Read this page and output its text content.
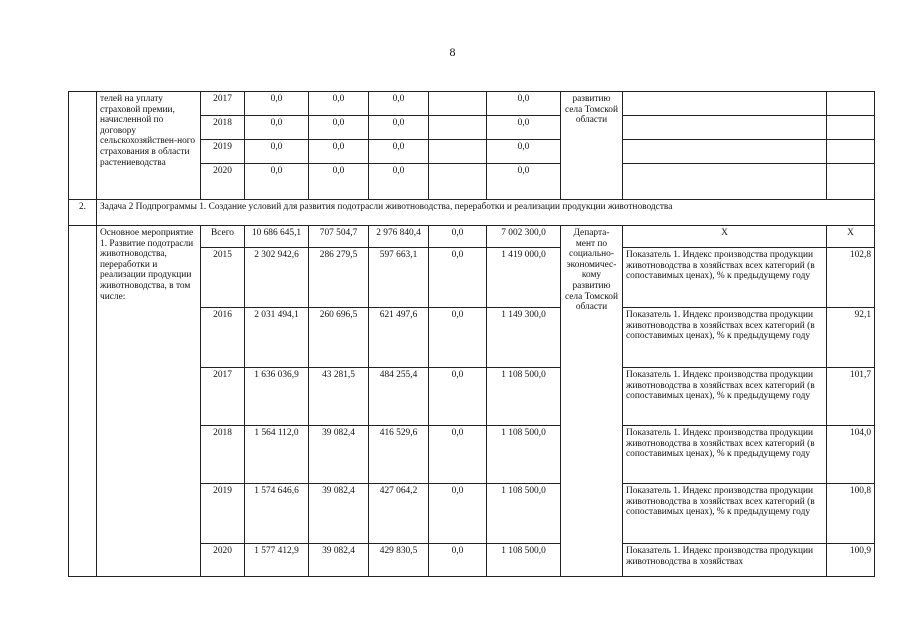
8
	телей на уплату страховой премии, начисленной по договору сельскохозяйствен-ного страхования в области растениеводства	2017	0,0	0,0	0,0		0,0	развитию села Томской области		
		2018	0,0	0,0	0,0		0,0			
		2019	0,0	0,0	0,0		0,0			
		2020	0,0	0,0	0,0		0,0			
2.	Задача 2 Подпрограммы 1. Создание условий для развития подотрасли животноводства, переработки и реализации продукции животноводства									
	Основное мероприятие 1. Развитие подотрасли животноводства, переработки и реализации продукции животноводства, в том числе:	Всего	10 686 645,1	707 504,7	2 976 840,4	0,0	7 002 300,0	Департа-мент по социально-экономичес-кому развитию села Томской области	Х	Х
		2015	2 302 942,6	286 279,5	597 663,1	0,0	1 419 000,0		Показатель 1. Индекс производства продукции животноводства в хозяйствах всех категорий (в сопоставимых ценах), % к предыдущему году	102,8
		2016	2 031 494,1	260 696,5	621 497,6	0,0	1 149 300,0		Показатель 1. Индекс производства продукции животноводства в хозяйствах всех категорий (в сопоставимых ценах), % к предыдущему году	92,1
		2017	1 636 036,9	43 281,5	484 255,4	0,0	1 108 500,0		Показатель 1. Индекс производства продукции животноводства в хозяйствах всех категорий (в сопоставимых ценах), % к предыдущему году	101,7
		2018	1 564 112,0	39 082,4	416 529,6	0,0	1 108 500,0		Показатель 1. Индекс производства продукции животноводства в хозяйствах всех категорий (в сопоставимых ценах), % к предыдущему году	104,0
		2019	1 574 646,6	39 082,4	427 064,2	0,0	1 108 500,0		Показатель 1. Индекс производства продукции животноводства в хозяйствах всех категорий (в сопоставимых ценах), % к предыдущему году	100,8
		2020	1 577 412,9	39 082,4	429 830,5	0,0	1 108 500,0		Показатель 1. Индекс производства продукции животноводства в хозяйствах	100,9
